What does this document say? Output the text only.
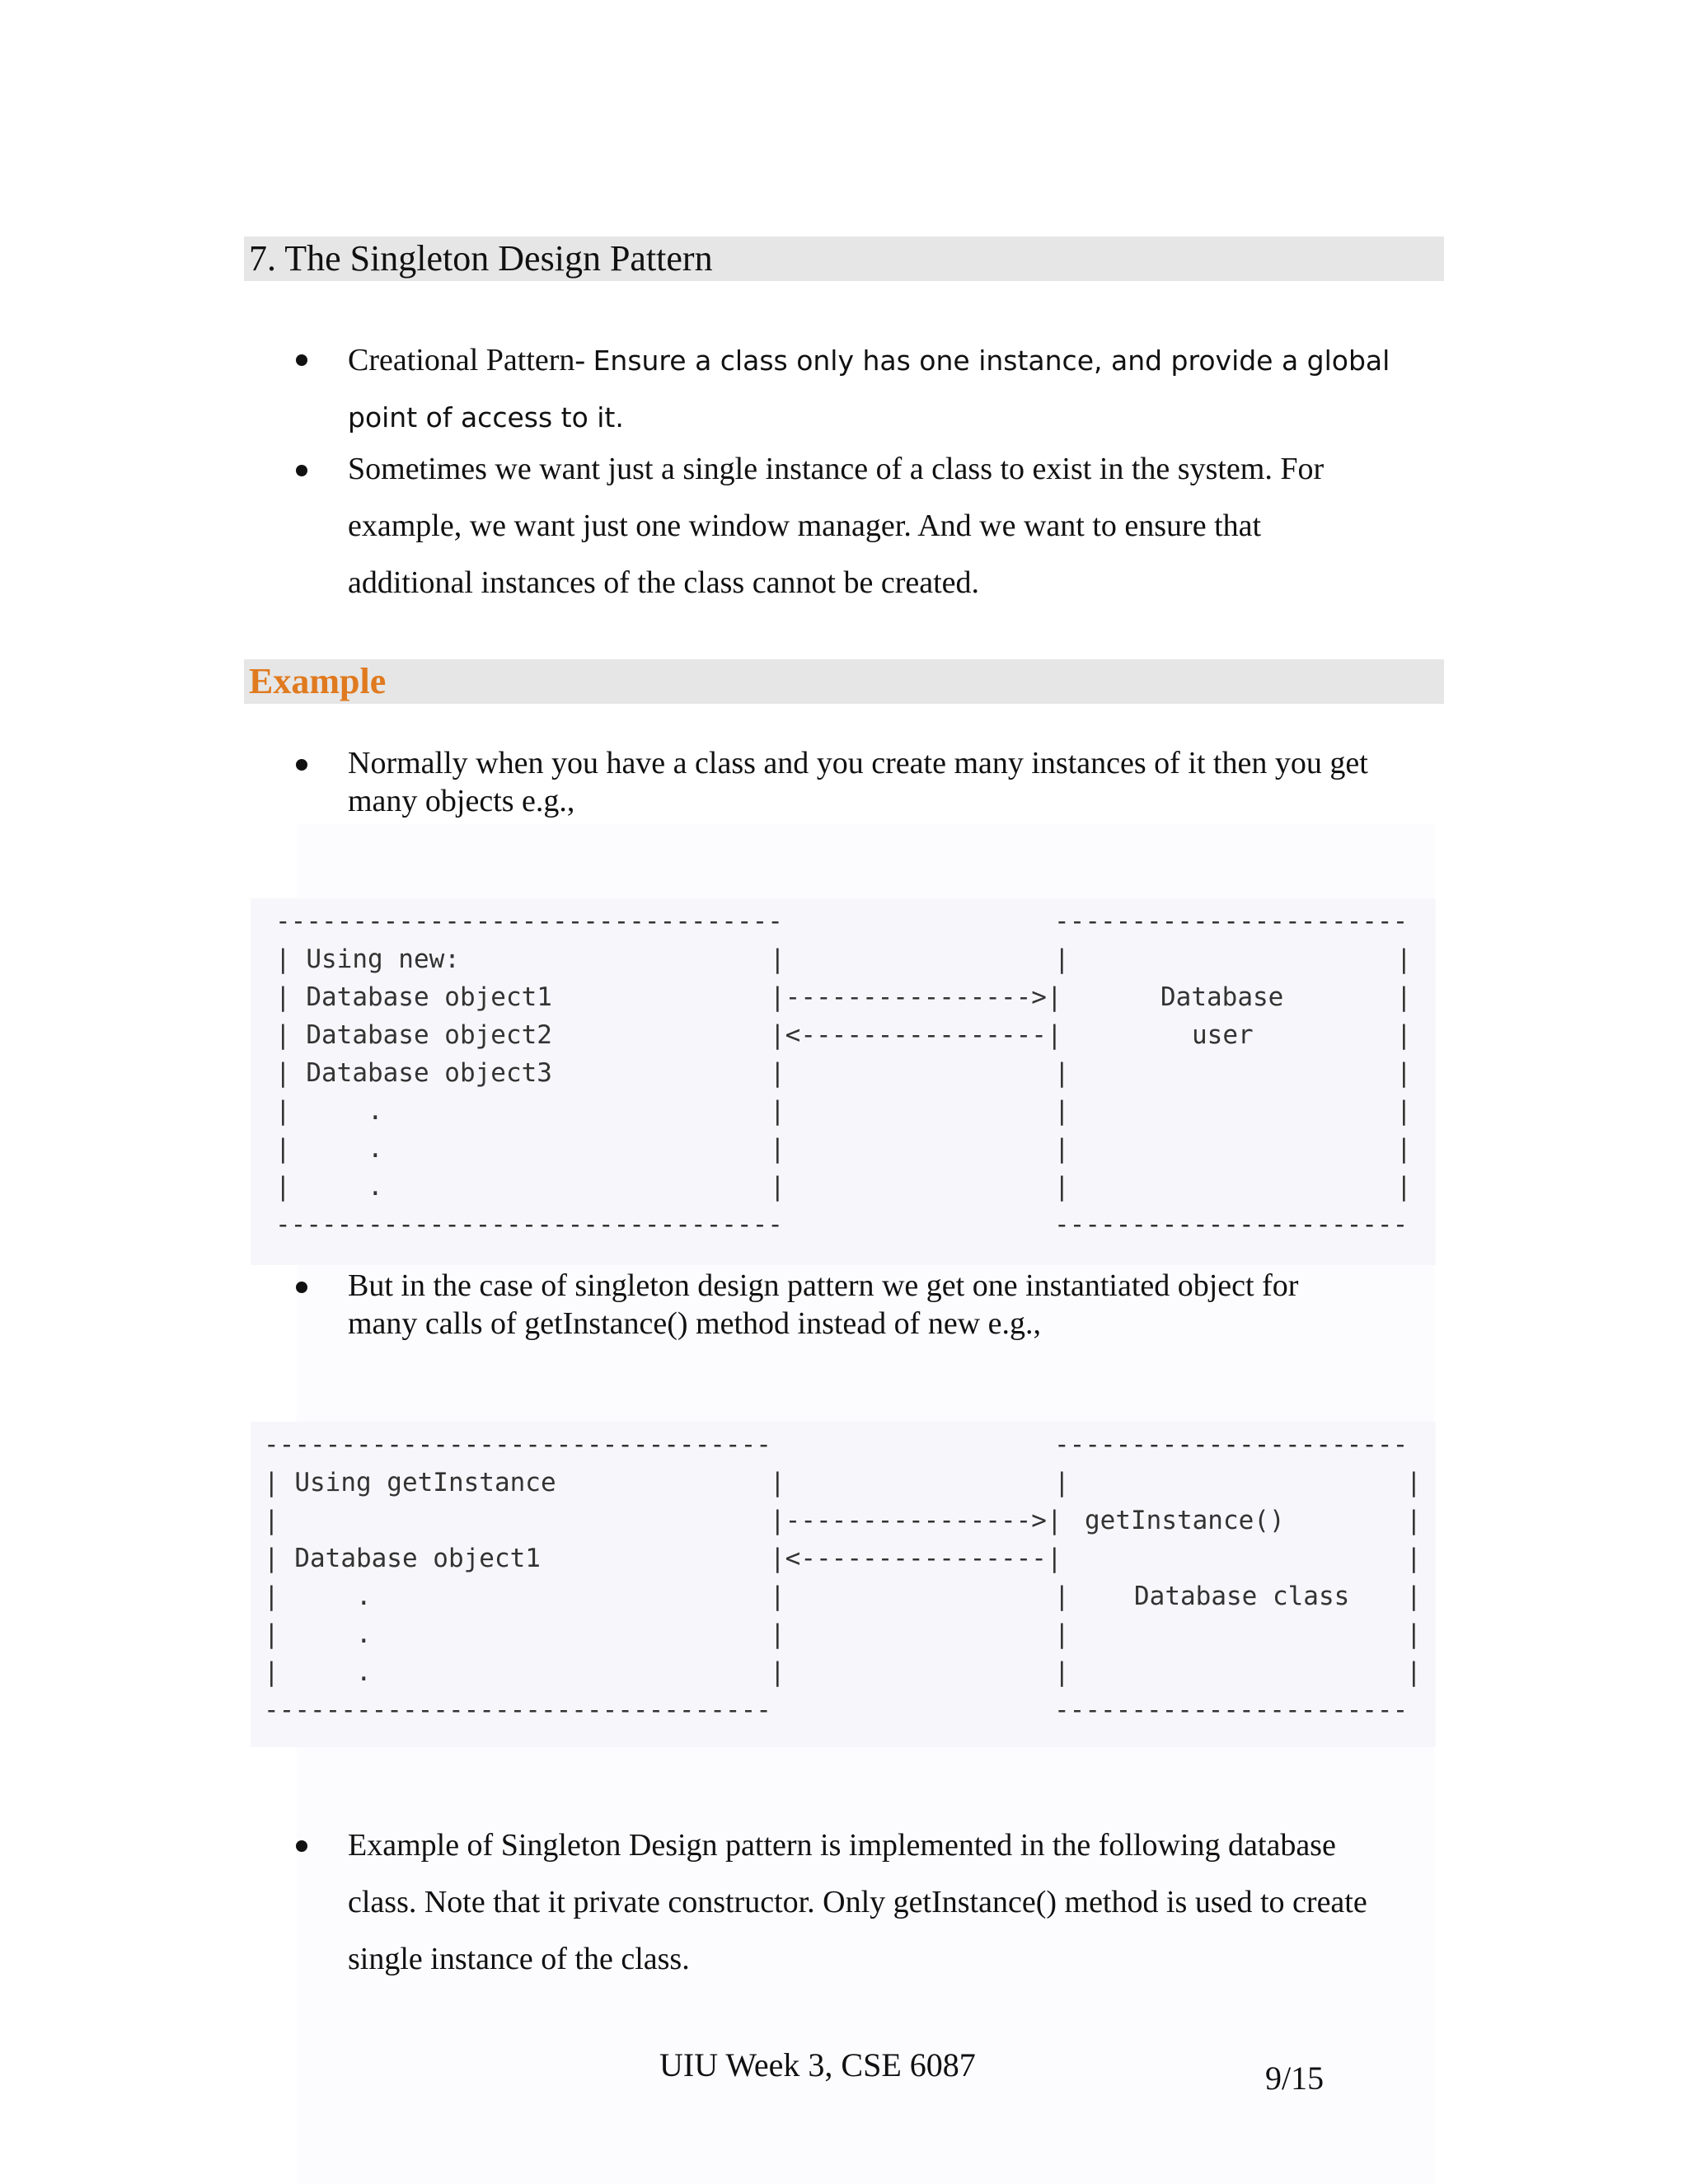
7. The Singleton Design Pattern
Creational Pattern- Ensure a class only has one instance, and provide a global
point of access to it.
Sometimes we want just a single instance of a class to exist in the system. For
example, we want just one window manager. And we want to ensure that
additional instances of the class cannot be created.
Example
Normally when you have a class and you create many instances of it then you get
many objects e.g.,

---------------------------------

| Using new:

| Database object1

| Database object2

| Database object3

|     .

|     .

|     .

---------------------------------

|

|---------------->|

|<----------------|

|

|

|

|

-----------------------

|

|

|

|

|

Database

user

|

|

|

|

|

|

|

-----------------------

But in the case of singleton design pattern we get one instantiated object for
many calls of getInstance() method instead of new e.g.,

---------------------------------

| Using getInstance

|

| Database object1

|     .

|     .

|     .

---------------------------------

|

|---------------->|

|<----------------|

|

|

|

-----------------------

|

|

|

|

getInstance()

Database class

|

|

|

|

|

|

-----------------------

Example of Singleton Design pattern is implemented in the following database
class. Note that it private constructor. Only getInstance() method is used to create
single instance of the class.
UIU Week 3, CSE 6087	9/15
